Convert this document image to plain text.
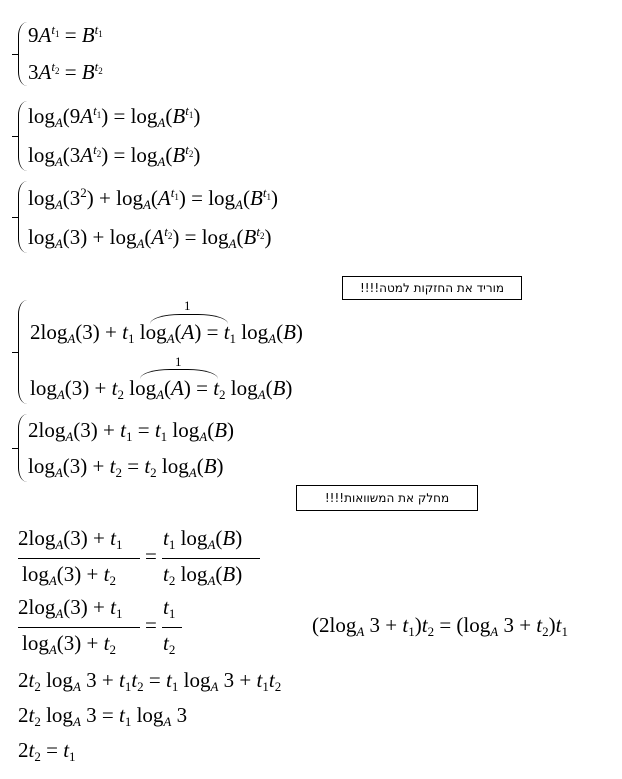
$9A^{t_1} = B^{t_1}$
$3A^{t_2} = B^{t_2}$
$\log_A(9A^{t_1}) = \log_A(B^{t_1})$
$\log_A(3A^{t_2}) = \log_A(B^{t_2})$
$\log_A(3^2) + \log_A(A^{t_1}) = \log_A(B^{t_1})$
$\log_A(3) + \log_A(A^{t_2}) = \log_A(B^{t_2})$
מוריד את החזקות למטה!!!!
1
$2\log_A(3) + t_1$ $\log_A(A) = t_1$ $\log_A(B)$
1
$\log_A(3) + t_2$ $\log_A(A) = t_2$ $\log_A(B)$
$2\log_A(3) + t_1 = t_1$ $\log_A(B)$
$\log_A(3) + t_2 = t_2$ $\log_A(B)$
מחלק את המשוואות!!!!
$2\log_A(3) + t_1$
$\log_A(3) + t_2$
=
$t_1$ $\log_A(B)$
$t_2$ $\log_A(B)$
$2\log_A(3) + t_1$
$\log_A(3) + t_2$
=
$t_1$
$t_2$
($2\log_A$ $3 + t_1)t_2 = (\log_A$ $3 + t_2)t_1$
$2t_2$ $\log_A 3 + t_1t_2 = t_1$ $\log_A 3 + t_1t_2$
$2t_2$ $\log_A 3 = t_1$ $\log_A 3$
$2t_2 = t_1$
